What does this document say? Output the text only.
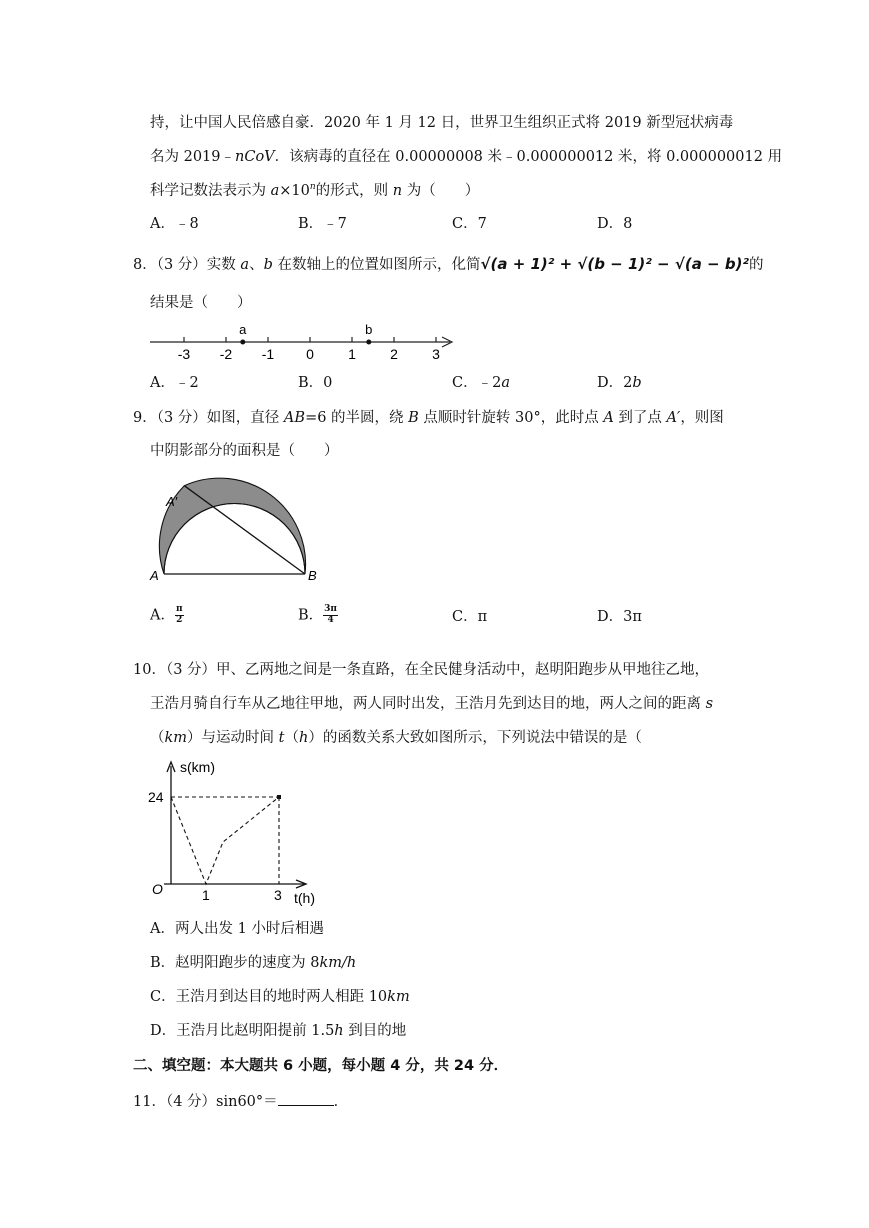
持，让中国人民倍感自豪．2020 年 1 月 12 日，世界卫生组织正式将 2019 新型冠状病毒
名为 2019﹣nCoV．该病毒的直径在 0.00000008 米﹣0.000000012 米，将 0.000000012 用
科学记数法表示为 $a\times 10^n$的形式，则 n 为（　　）
A．﹣8	B．﹣7	C．7	D．8
8．（3 分）实数 a、b 在数轴上的位置如图所示，化简√(a + 1)² + √(b − 1)² − √(a − b)²的
结果是（　　）
-3 -2 -1 0 1 2 3
a	b
A．﹣2	B．0	C．﹣2a	D．2b
9．（3 分）如图，直径 AB=6 的半圆，绕 B 点顺时针旋转 30°，此时点 A 到了点 A′，则图
中阴影部分的面积是（　　）
A
A′
B
A． $\frac{\pi}{2}$	B． $\frac{3\pi}{4}$	C．π	D．3π
10．（3 分）甲、乙两地之间是一条直路，在全民健身活动中，赵明阳跑步从甲地往乙地，
王浩月骑自行车从乙地往甲地，两人同时出发，王浩月先到达目的地，两人之间的距离 s
（km）与运动时间 t（h）的函数关系大致如图所示，下列说法中错误的是（
s(km)
t(h)
O
24
1	3
A．两人出发 1 小时后相遇
B．赵明阳跑步的速度为 8km/h
C．王浩月到达目的地时两人相距 10km
D．王浩月比赵明阳提前 1.5h 到目的地
二、填空题：本大题共 6 小题，每小题 4 分，共 24 分．
11．（4 分）sin60°＝	．
